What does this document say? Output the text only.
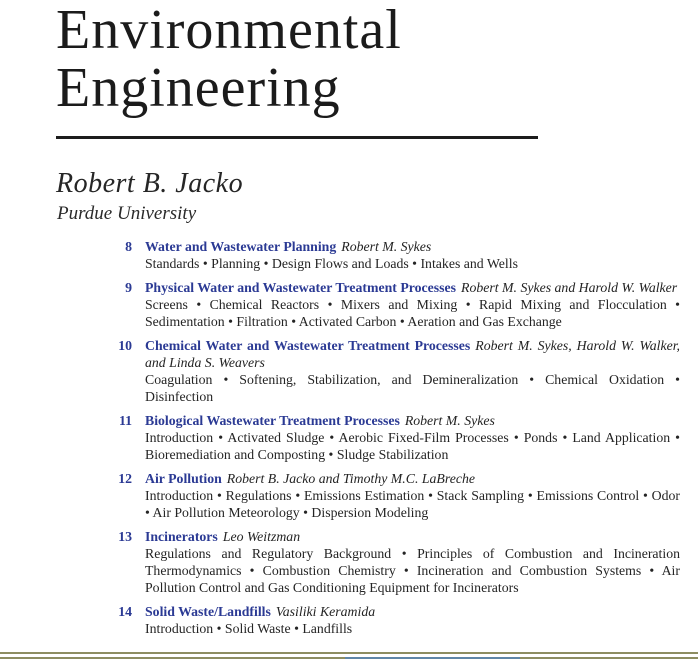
Environmental
Engineering
Robert B. Jacko
Purdue University
8 Water and Wastewater Planning Robert M. Sykes

Standards • Planning • Design Flows and Loads • Intakes and Wells

9 Physical Water and Wastewater Treatment Processes Robert M. Sykes and Harold W. Walker

Screens • Chemical Reactors • Mixers and Mixing • Rapid Mixing and Flocculation • Sedimentation • Filtration • Activated Carbon • Aeration and Gas Exchange

10 Chemical Water and Wastewater Treatment Processes Robert M. Sykes, Harold W. Walker, and Linda S. Weavers

Coagulation • Softening, Stabilization, and Demineralization • Chemical Oxidation • Disinfection

11 Biological Wastewater Treatment Processes Robert M. Sykes

Introduction • Activated Sludge • Aerobic Fixed-Film Processes • Ponds • Land Application • Bioremediation and Composting • Sludge Stabilization

12 Air Pollution Robert B. Jacko and Timothy M.C. LaBreche

Introduction • Regulations • Emissions Estimation • Stack Sampling • Emissions Control • Odor • Air Pollution Meteorology • Dispersion Modeling

13 Incinerators Leo Weitzman

Regulations and Regulatory Background • Principles of Combustion and Incineration Thermodynamics • Combustion Chemistry • Incineration and Combustion Systems • Air Pollution Control and Gas Conditioning Equipment for Incinerators

14 Solid Waste/Landfills Vasiliki Keramida

Introduction • Solid Waste • Landfills
